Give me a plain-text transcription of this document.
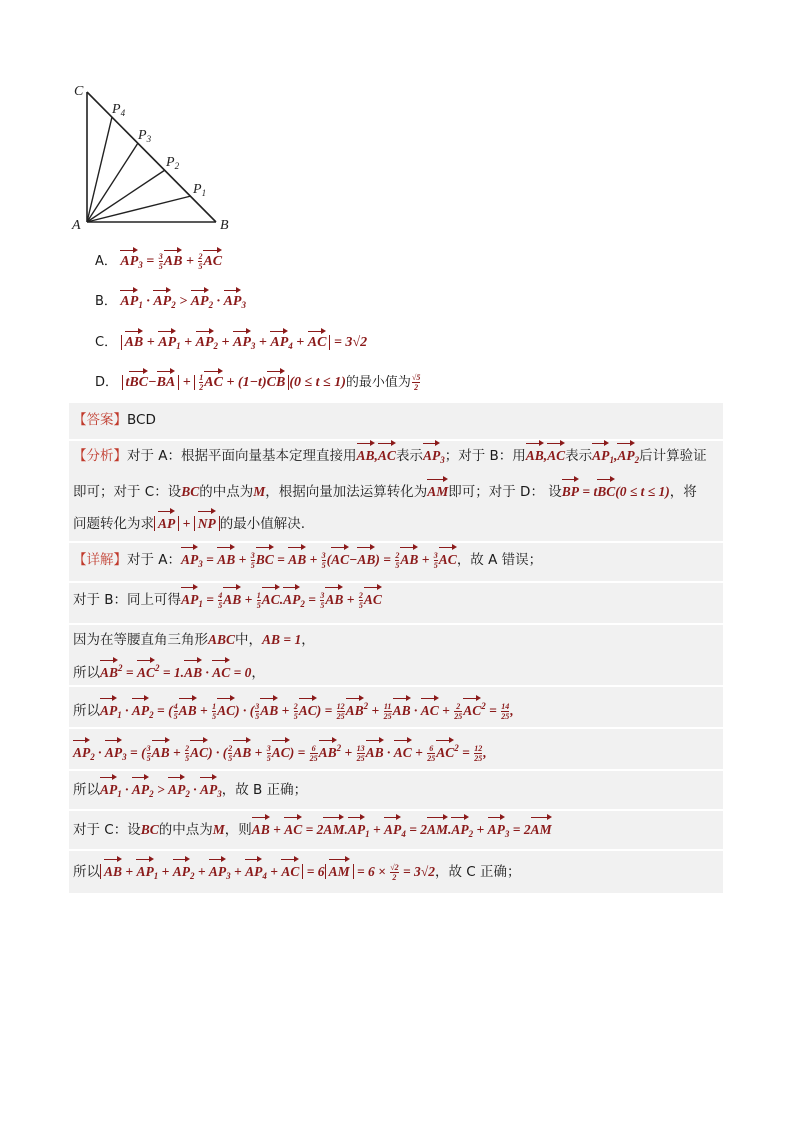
C
A	B
$P_4$
$P_3$
$P_2$
$P_1$
A． $AP_3 = \frac{3}{5}$ AB + $\frac{2}{5}$ AC
B． $AP_1 \cdot AP_2 > AP_2 \cdot AP_3$
C． AB + $AP_1 + AP_2 + AP_3 + AP_4$ + AC = 3√2
D． $tBC-BA + \frac{1}{2}$ AC + (1−t)CB (0 ≤ t ≤ 1)的最小值为 $\frac{√5}{2}$
【答案】BCD
【分析】对于 A：根据平面向量基本定理直接用AB,AC表示$AP_3$；对于 B：用AB,AC表示$AP_1,AP_2$后计算验证
即可；对于 C：设BC的中点为M，根据向量加法运算转化为AM即可；对于 D： 设BP = tBC(0 ≤ t ≤ 1)，将
问题转化为求 AP + NP 的最小值解决.
【详解】对于 A：$AP_3$ = AB + $\frac{3}{5}$ BC = AB + $\frac{3}{5} (AC-AB) = \frac{2}{5}$ AB + $\frac{3}{5}$ AC，故 A 错误；
对于 B：同上可得$AP_1 = \frac{4}{5}$ AB + $\frac{1}{5} AC.AP_2 = \frac{3}{5}$ AB + $\frac{2}{5}$ AC
因为在等腰直角三角形ABC中，AB = 1，
所以$AB^2 = AC^2 = 1.AB$ · AC = 0，
所以$AP_1 \cdot AP_2$ = ( $\frac{4}{5}$ AB + $\frac{1}{5} AC$) · ( $\frac{3}{5}$ AB + $\frac{2}{5} AC) = \frac{12}{25} AB^2 + \frac{11}{25}$ AB · AC + $\frac{2}{25} AC^2 = \frac{14}{25}$ ,
$AP_2 \cdot AP_3$ = ( $\frac{3}{5}$ AB + $\frac{2}{5} AC$) · ( $\frac{2}{5}$ AB + $\frac{3}{5} AC) = \frac{6}{25} AB^2 + \frac{13}{25}$ AB · AC + $\frac{6}{25} AC^2 = \frac{12}{25}$ ,
所以$AP_1 \cdot AP_2 > AP_2 \cdot AP_3$，故 B 正确；
对于 C：设BC的中点为M，则AB + AC = $2AM.AP_1 + AP_4 = 2AM.AP_2 + AP_3 = 2AM$
所以 AB + $AP_1 + AP_2 + AP_3 + AP_4$ + AC = 6 AM = $6 \times \frac{√2}{2} = 3√2$，故 C 正确；
